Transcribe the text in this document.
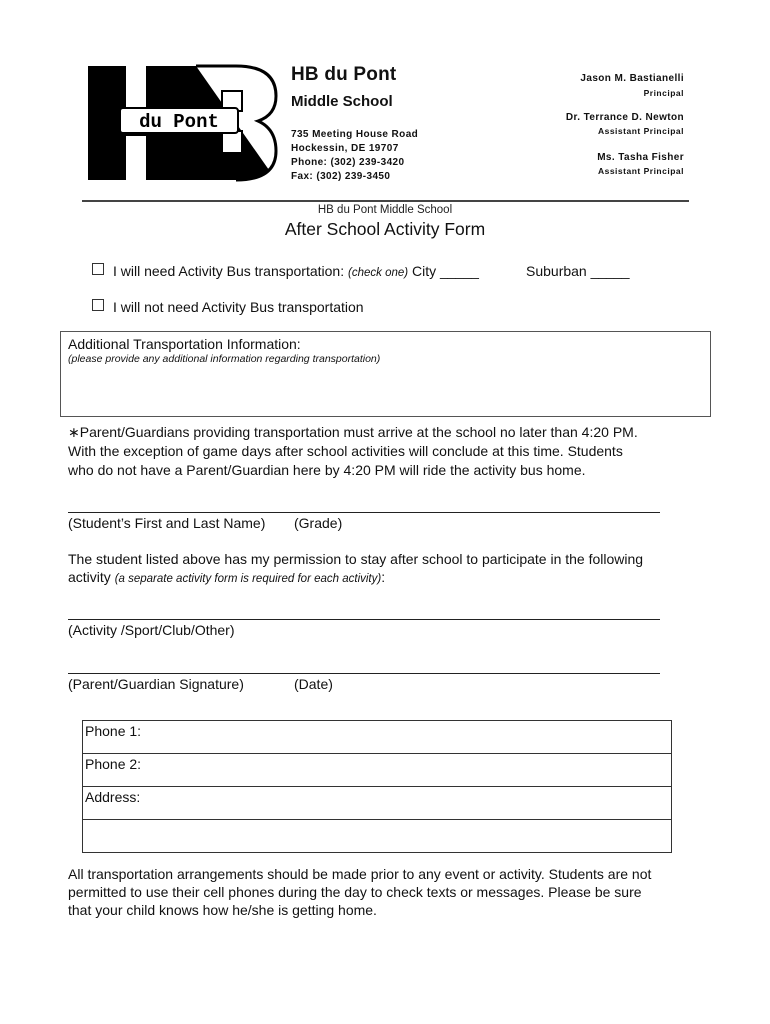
du Pont
HB du Pont
Middle School
735 Meeting House Road
Hockessin, DE 19707
Phone: (302) 239-3420
Fax: (302) 239-3450
Jason M. Bastianelli
Principal
Dr. Terrance D. Newton
Assistant Principal
Ms. Tasha Fisher
Assistant Principal
HB du Pont Middle School
After School Activity Form
I will need Activity Bus transportation: (check one) City _____	Suburban _____
I will not need Activity Bus transportation
Additional Transportation Information:
(please provide any additional information regarding transportation)
∗Parent/Guardians providing transportation must arrive at the school no later than 4:20 PM.
With the exception of game days after school activities will conclude at this time. Students
who do not have a Parent/Guardian here by 4:20 PM will ride the activity bus home.
(Student’s First and Last Name) (Grade)
The student listed above has my permission to stay after school to participate in the following
activity (a separate activity form is required for each activity):
(Activity /Sport/Club/Other)
(Parent/Guardian Signature)	(Date)
Phone 1:
Phone 2:
Address:

All transportation arrangements should be made prior to any event or activity. Students are not
permitted to use their cell phones during the day to check texts or messages. Please be sure
that your child knows how he/she is getting home.
